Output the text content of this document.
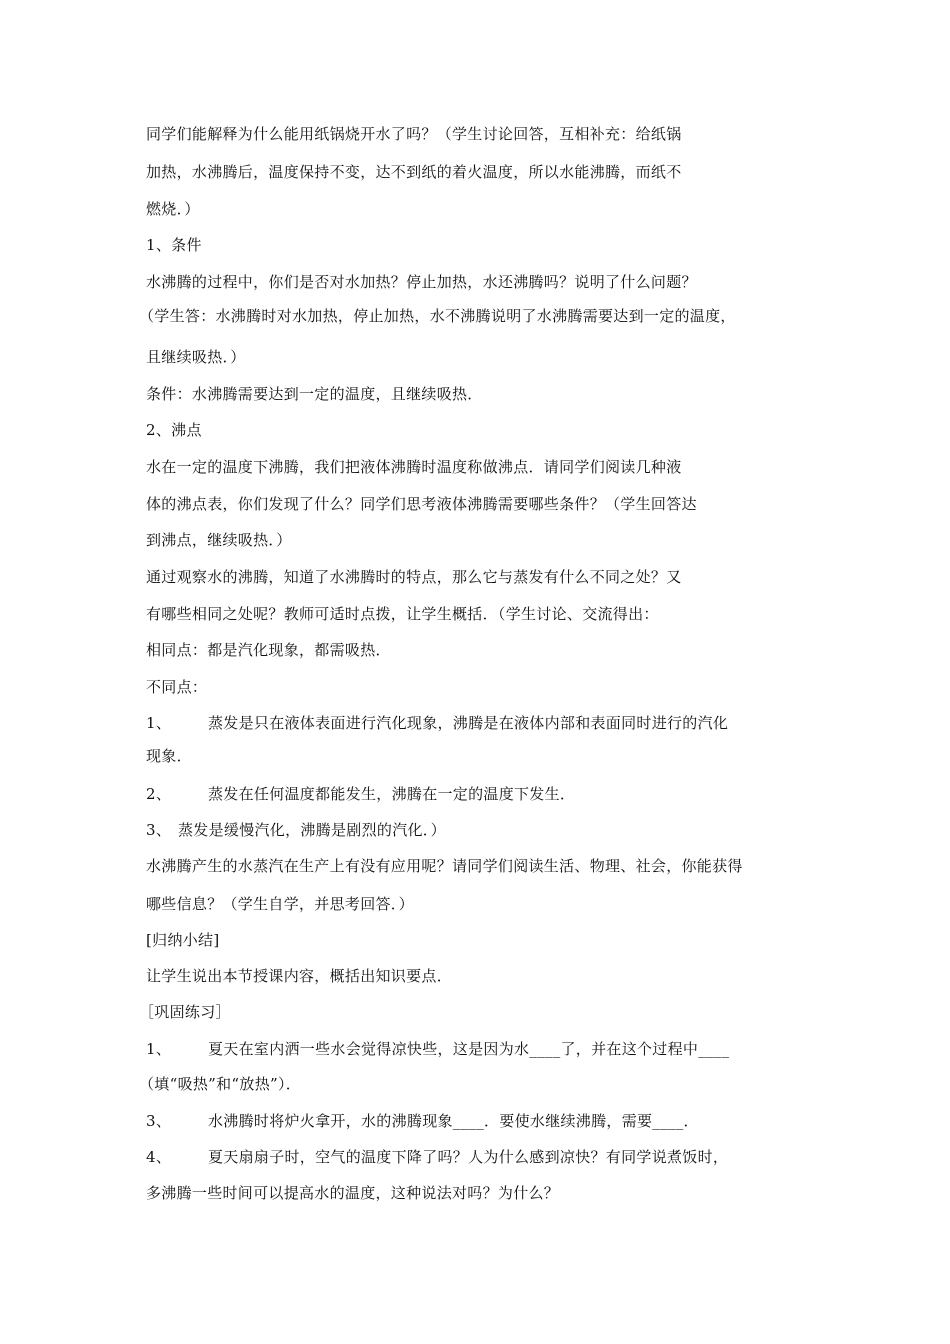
同学们能解释为什么能用纸锅烧开水了吗？（学生讨论回答，互相补充：给纸锅
加热，水沸腾后，温度保持不变，达不到纸的着火温度，所以水能沸腾，而纸不
燃烧．）
1、条件
水沸腾的过程中，你们是否对水加热？停止加热，水还沸腾吗？说明了什么问题？
（学生答：水沸腾时对水加热，停止加热，水不沸腾说明了水沸腾需要达到一定的温度，
且继续吸热．）
条件：水沸腾需要达到一定的温度，且继续吸热．
2、沸点
水在一定的温度下沸腾，我们把液体沸腾时温度称做沸点．请同学们阅读几种液
体的沸点表，你们发现了什么？同学们思考液体沸腾需要哪些条件？（学生回答达
到沸点，继续吸热．）
通过观察水的沸腾，知道了水沸腾时的特点，那么它与蒸发有什么不同之处？又
有哪些相同之处呢？教师可适时点拨，让学生概括．（学生讨论、交流得出：
相同点：都是汽化现象，都需吸热．
不同点：
1、 蒸发是只在液体表面进行汽化现象，沸腾是在液体内部和表面同时进行的汽化
现象．
2、 蒸发在任何温度都能发生，沸腾在一定的温度下发生．
3、 蒸发是缓慢汽化，沸腾是剧烈的汽化．）
水沸腾产生的水蒸汽在生产上有没有应用呢？请同学们阅读生活、物理、社会，你能获得
哪些信息？（学生自学，并思考回答．）
[归纳小结]
让学生说出本节授课内容，概括出知识要点．
［巩固练习］
1、 夏天在室内洒一些水会觉得凉快些，这是因为水____了，并在这个过程中____
（填“吸热”和“放热”）．
3、 水沸腾时将炉火拿开，水的沸腾现象____．要使水继续沸腾，需要____．
4、 夏天扇扇子时，空气的温度下降了吗？人为什么感到凉快？有同学说煮饭时，
多沸腾一些时间可以提高水的温度，这种说法对吗？为什么？
